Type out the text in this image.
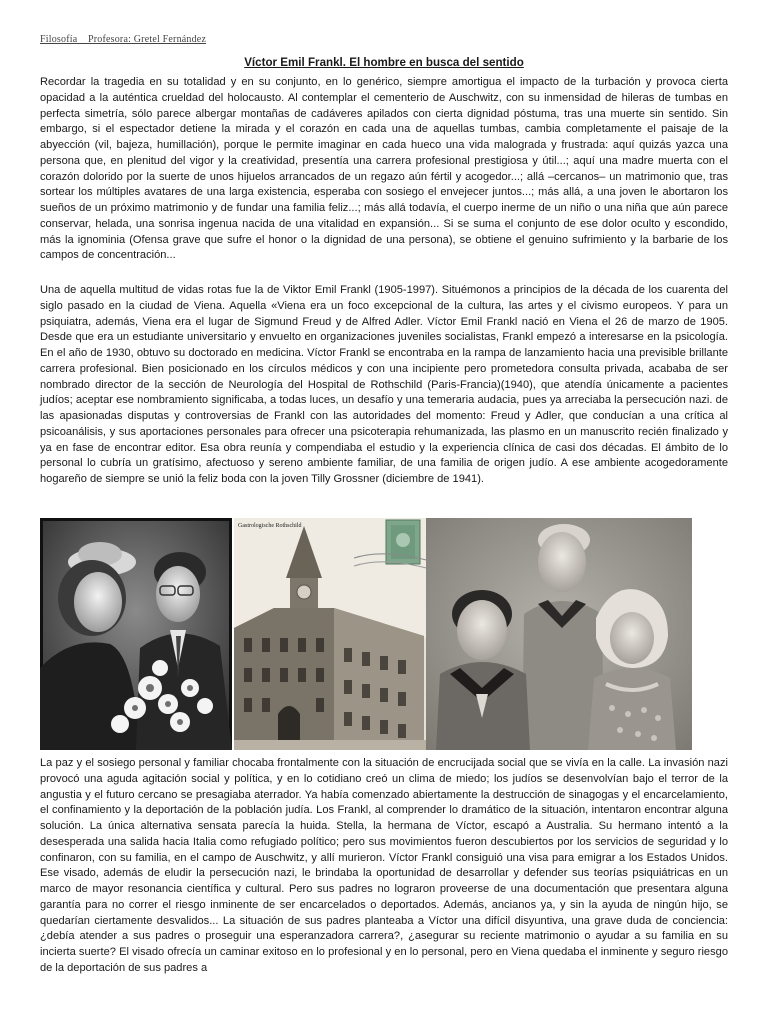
Filosofía _ Profesora: Gretel Fernández
Víctor Emil Frankl. El hombre en busca del sentido

Recordar la tragedia en su totalidad y en su conjunto, en lo genérico, siempre amortigua el impacto de la turbación y provoca cierta opacidad a la auténtica crueldad del holocausto. Al contemplar el cementerio de Auschwitz, con su inmensidad de hileras de tumbas en perfecta simetría, sólo parece albergar montañas de cadáveres apilados con cierta dignidad póstuma, tras una muerte sin sentido. Sin embargo, si el espectador detiene la mirada y el corazón en cada una de aquellas tumbas, cambia completamente el paisaje de la abyección (vil, bajeza, humillación), porque le permite imaginar en cada hueco una vida malograda y frustrada: aquí quizás yazca una persona que, en plenitud del vigor y la creatividad, presentía una carrera profesional prestigiosa y útil...; aquí una madre muerta con el corazón dolorido por la suerte de unos hijuelos arrancados de un regazo aún fértil y acogedor...; allá –cercanos– un matrimonio que, tras sortear los múltiples avatares de una larga existencia, esperaba con sosiego el envejecer juntos...; más allá, a una joven le abortaron los sueños de un próximo matrimonio y de fundar una familia feliz...; más allá todavía, el cuerpo inerme de un niño o una niña que aún parece conservar, helada, una sonrisa ingenua nacida de una vitalidad en expansión... Si se suma el conjunto de ese dolor oculto y escondido, más la ignominia (Ofensa grave que sufre el honor o la dignidad de una persona), se obtiene el genuino sufrimiento y la barbarie de los campos de concentración...

Una de aquella multitud de vidas rotas fue la de Viktor Emil Frankl (1905-1997). Situémonos a principios de la década de los cuarenta del siglo pasado en la ciudad de Viena. Aquella «Viena era un foco excepcional de la cultura, las artes y el civismo europeos. Y para un psiquiatra, además, Viena era el lugar de Sigmund Freud y de Alfred Adler. Víctor Emil Frankl nació en Viena el 26 de marzo de 1905. Desde que era un estudiante universitario y envuelto en organizaciones juveniles socialistas, Frankl empezó a interesarse en la psicología. En el año de 1930, obtuvo su doctorado en medicina. Víctor Frankl se encontraba en la rampa de lanzamiento hacia una previsible brillante carrera profesional. Bien posicionado en los círculos médicos y con una incipiente pero prometedora consulta privada, acababa de ser nombrado director de la sección de Neurología del Hospital de Rothschild (Paris-Francia)(1940), que atendía únicamente a pacientes judíos; aceptar ese nombramiento significaba, a todas luces, un desafío y una temeraria audacia, pues ya arreciaba la persecución nazi. de las apasionadas disputas y controversias de Frankl con las autoridades del momento: Freud y Adler, que conducían a una crítica al psicoanálisis, y sus aportaciones personales para ofrecer una psicoterapia rehumanizada, las plasmo en un manuscrito recién finalizado y ya en fase de encontrar editor. Esa obra reunía y compendiaba el estudio y la experiencia clínica de casi dos décadas. El ámbito de lo personal lo cubría un gratísimo, afectuoso y sereno ambiente familiar, de una familia de origen judío. A ese ambiente acogedoramente hogareño de siempre se unió la feliz boda con la joven Tilly Grossner (diciembre de 1941).

Gastrologische Rothschild

La paz y el sosiego personal y familiar chocaba frontalmente con la situación de encrucijada social que se vivía en la calle. La invasión nazi provocó una aguda agitación social y política, y en lo cotidiano creó un clima de miedo; los judíos se desenvolvían bajo el terror de la angustia y el futuro cercano se presagiaba aterrador. Ya había comenzado abiertamente la destrucción de sinagogas y el encarcelamiento, el confinamiento y la deportación de la población judía. Los Frankl, al comprender lo dramático de la situación, intentaron encontrar alguna solución. La única alternativa sensata parecía la huida. Stella, la hermana de Víctor, escapó a Australia. Su hermano intentó a la desesperada una salida hacia Italia como refugiado político; pero sus movimientos fueron descubiertos por los servicios de seguridad y lo confinaron, con su familia, en el campo de Auschwitz, y allí murieron. Víctor Frankl consiguió una visa para emigrar a los Estados Unidos. Ese visado, además de eludir la persecución nazi, le brindaba la oportunidad de desarrollar y defender sus teorías psiquiátricas en un marco de mayor resonancia científica y cultural. Pero sus padres no lograron proveerse de una documentación que presentara alguna garantía para no correr el riesgo inminente de ser encarcelados o deportados. Además, ancianos ya, y sin la ayuda de ningún hijo, se quedarían ciertamente desvalidos... La situación de sus padres planteaba a Víctor una difícil disyuntiva, una grave duda de conciencia: ¿debía atender a sus padres o proseguir una esperanzadora carrera?, ¿asegurar su reciente matrimonio o ayudar a su familia en su incierta suerte? El visado ofrecía un caminar exitoso en lo profesional y en lo personal, pero en Viena quedaba el inminente y seguro riesgo de la deportación de sus padres a
